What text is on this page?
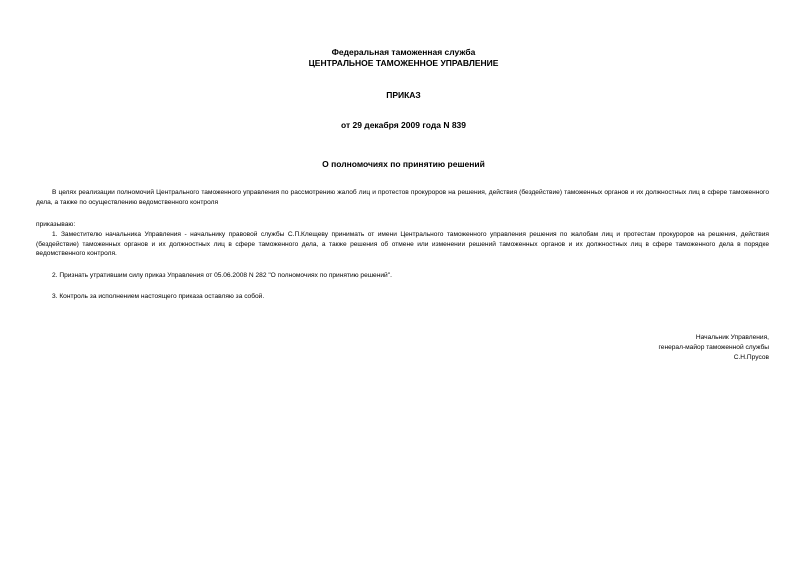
Федеральная таможенная служба
ЦЕНТРАЛЬНОЕ ТАМОЖЕННОЕ УПРАВЛЕНИЕ
ПРИКАЗ
от 29 декабря 2009 года N 839
О полномочиях по принятию решений
В целях реализации полномочий Центрального таможенного управления по рассмотрению жалоб лиц и протестов прокуроров на решения, действия (бездействие) таможенных органов и их должностных лиц в сфере таможенного дела, а также по осуществлению ведомственного контроля
приказываю:
1. Заместителю начальника Управления - начальнику правовой службы С.П.Клещеву принимать от имени Центрального таможенного управления решения по жалобам лиц и протестам прокуроров на решения, действия (бездействие) таможенных органов и их должностных лиц в сфере таможенного дела, а также решения об отмене или изменении решений таможенных органов и их должностных лиц в сфере таможенного дела в порядке ведомственного контроля.
2. Признать утратившим силу приказ Управления от 05.06.2008 N 282 "О полномочиях по принятию решений".
3. Контроль за исполнением настоящего приказа оставляю за собой.
Начальник Управления,
генерал-майор таможенной службы
С.Н.Прусов
